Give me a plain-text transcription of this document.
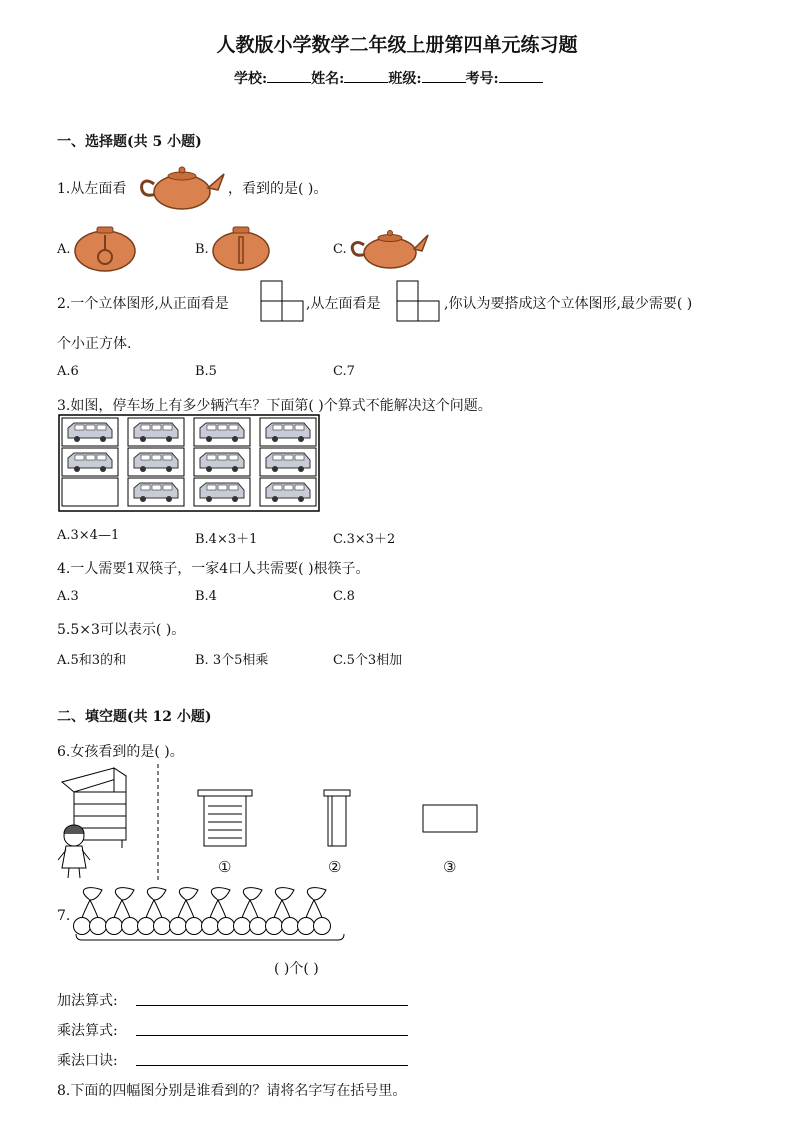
人教版小学数学二年级上册第四单元练习题
学校:	姓名:	班级:	考号:
一、选择题(共 5 小题)
1.从左面看	，看到的是( )。
A.	B.	C.
2.一个立体图形,从正面看是	,从左面看是	,你认为要搭成这个立体图形,最少需要( )
个小正方体.
A.6	B.5	C.7
3.如图，停车场上有多少辆汽车？下面第( )个算式不能解决这个问题。
A.3×4—1	B.4×3＋1	C.3×3＋2
4.一人需要1双筷子，一家4口人共需要( )根筷子。
A.3	B.4	C.8
5.5×3可以表示( )。
A.5和3的和	B. 3个5相乘	C.5个3相加
二、填空题(共 12 小题)
6.女孩看到的是( )。
①	②	③
7.
( )个( )
加法算式:
乘法算式:
乘法口诀:
8.下面的四幅图分别是谁看到的？请将名字写在括号里。
